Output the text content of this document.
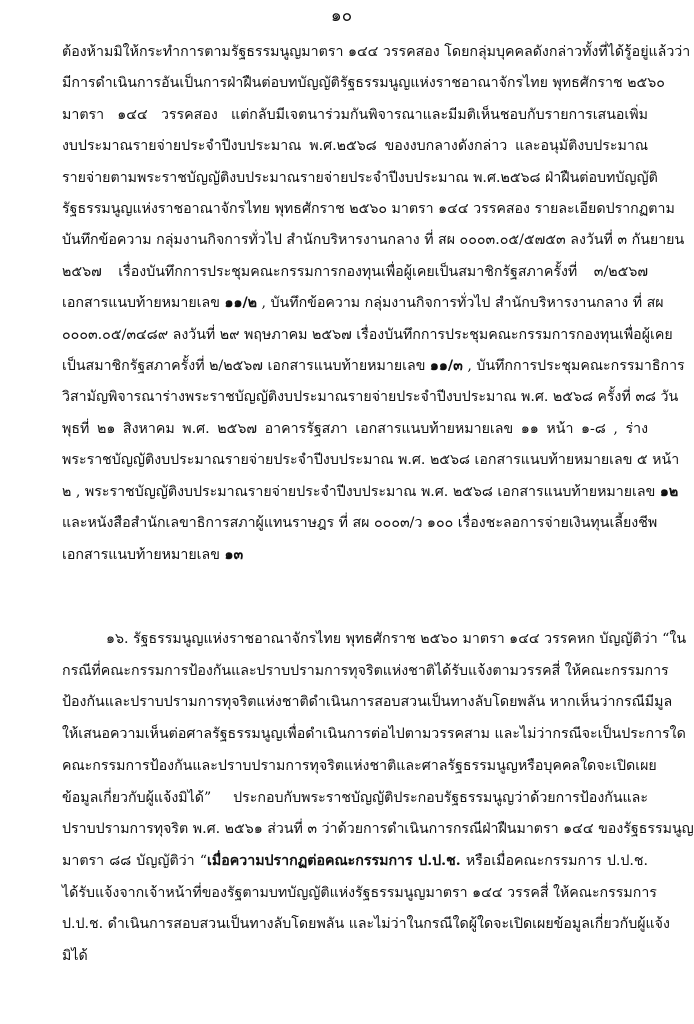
๑๐
ต้องห้ามมิให้กระทำการตามรัฐธรรมนูญมาตรา ๑๔๔ วรรคสอง โดยกลุ่มบุคคลดังกล่าวทั้งที่ได้รู้อยู่แล้วว่า
มีการดำเนินการอันเป็นการฝ่าฝืนต่อบทบัญญัติรัฐธรรมนูญแห่งราชอาณาจักรไทย พุทธศักราช ๒๕๖๐
มาตรา ๑๔๔ วรรคสอง แต่กลับมีเจตนาร่วมกันพิจารณาและมีมติเห็นชอบกับรายการเสนอเพิ่ม
งบประมาณรายจ่ายประจำปีงบประมาณ พ.ศ.๒๕๖๘ ของงบกลางดังกล่าว และอนุมัติงบประมาณ
รายจ่ายตามพระราชบัญญัติงบประมาณรายจ่ายประจำปีงบประมาณ พ.ศ.๒๕๖๘ ฝ่าฝืนต่อบทบัญญัติ
รัฐธรรมนูญแห่งราชอาณาจักรไทย พุทธศักราช ๒๕๖๐ มาตรา ๑๔๔ วรรคสอง รายละเอียดปรากฏตาม
บันทึกข้อความ กลุ่มงานกิจการทั่วไป สำนักบริหารงานกลาง ที่ สผ ๐๐๐๓.๐๕/๕๗๕๓ ลงวันที่ ๓ กันยายน
๒๕๖๗ เรื่องบันทึกการประชุมคณะกรรมการกองทุนเพื่อผู้เคยเป็นสมาชิกรัฐสภาครั้งที่ ๓/๒๕๖๗
เอกสารแนบท้ายหมายเลข ๑๑/๒ , บันทึกข้อความ กลุ่มงานกิจการทั่วไป สำนักบริหารงานกลาง ที่ สผ
๐๐๐๓.๐๕/๓๔๘๙ ลงวันที่ ๒๙ พฤษภาคม ๒๕๖๗ เรื่องบันทึกการประชุมคณะกรรมการกองทุนเพื่อผู้เคย
เป็นสมาชิกรัฐสภาครั้งที่ ๒/๒๕๖๗ เอกสารแนบท้ายหมายเลข ๑๑/๓ , บันทึกการประชุมคณะกรรมาธิการ
วิสามัญพิจารณาร่างพระราชบัญญัติงบประมาณรายจ่ายประจำปีงบประมาณ พ.ศ. ๒๕๖๘ ครั้งที่ ๓๘ วัน
พุธที่ ๒๑ สิงหาคม พ.ศ. ๒๕๖๗ อาคารรัฐสภา เอกสารแนบท้ายหมายเลข ๑๑ หน้า ๑-๘ , ร่าง
พระราชบัญญัติงบประมาณรายจ่ายประจำปีงบประมาณ พ.ศ. ๒๕๖๘ เอกสารแนบท้ายหมายเลข ๕ หน้า
๒ , พระราชบัญญัติงบประมาณรายจ่ายประจำปีงบประมาณ พ.ศ. ๒๕๖๘ เอกสารแนบท้ายหมายเลข ๑๒
และหนังสือสำนักเลขาธิการสภาผู้แทนราษฎร ที่ สผ ๐๐๐๓/ว ๑๐๐ เรื่องชะลอการจ่ายเงินทุนเลี้ยงชีพ
เอกสารแนบท้ายหมายเลข ๑๓
๑๖. รัฐธรรมนูญแห่งราชอาณาจักรไทย พุทธศักราช ๒๕๖๐ มาตรา ๑๔๔ วรรคหก บัญญัติว่า “ใน
กรณีที่คณะกรรมการป้องกันและปราบปรามการทุจริตแห่งชาติได้รับแจ้งตามวรรคสี่ ให้คณะกรรมการ
ป้องกันและปราบปรามการทุจริตแห่งชาติดำเนินการสอบสวนเป็นทางลับโดยพลัน หากเห็นว่ากรณีมีมูล
ให้เสนอความเห็นต่อศาลรัฐธรรมนูญเพื่อดำเนินการต่อไปตามวรรคสาม และไม่ว่ากรณีจะเป็นประการใด
คณะกรรมการป้องกันและปราบปรามการทุจริตแห่งชาติและศาลรัฐธรรมนูญหรือบุคคลใดจะเปิดเผย
ข้อมูลเกี่ยวกับผู้แจ้งมิได้” ประกอบกับพระราชบัญญัติประกอบรัฐธรรมนูญว่าด้วยการป้องกันและ
ปราบปรามการทุจริต พ.ศ. ๒๕๖๑ ส่วนที่ ๓ ว่าด้วยการดำเนินการกรณีฝ่าฝืนมาตรา ๑๔๔ ของรัฐธรรมนูญ
มาตรา ๘๘ บัญญัติว่า “เมื่อความปรากฏต่อคณะกรรมการ ป.ป.ช. หรือเมื่อคณะกรรมการ ป.ป.ช.
ได้รับแจ้งจากเจ้าหน้าที่ของรัฐตามบทบัญญัติแห่งรัฐธรรมนูญมาตรา ๑๔๔ วรรคสี่ ให้คณะกรรมการ
ป.ป.ช. ดำเนินการสอบสวนเป็นทางลับโดยพลัน และไม่ว่าในกรณีใดผู้ใดจะเปิดเผยข้อมูลเกี่ยวกับผู้แจ้ง
มิได้
